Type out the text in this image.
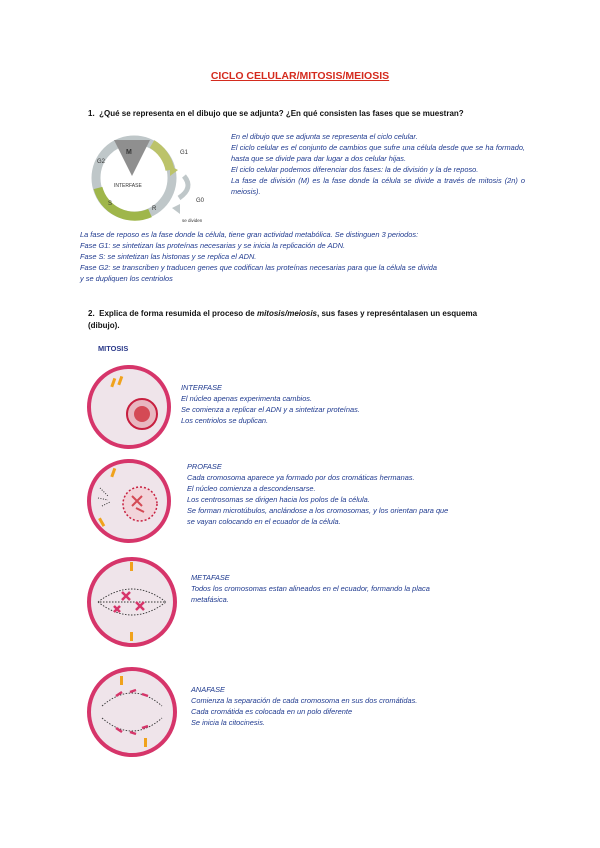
CICLO CELULAR/MITOSIS/MEIOSIS
1. ¿Qué se representa en el dibujo que se adjunta? ¿En qué consisten las fases que se muestran?
M	G1
G2
INTERFASE
S
R
G0
se dividen
En el dibujo que se adjunta se representa el ciclo celular.
El ciclo celular es el conjunto de cambios que sufre una célula desde que se ha formado, hasta que se divide para dar lugar a dos celular hijas.
El ciclo celular podemos diferenciar dos fases: la de división y la de reposo.
La fase de división (M) es la fase donde la célula se divide a través de mitosis (2n) o meiosis).
La fase de reposo es la fase donde la célula, tiene gran actividad metabólica. Se distinguen 3 periodos:
Fase G1: se sintetizan las proteínas necesarias y se inicia la replicación de ADN.
Fase S: se sintetizan las histonas y se replica el ADN.
Fase G2: se transcriben y traducen genes que codifican las proteínas necesarias para que la célula se divida
y se dupliquen los centriolos
2. Explica de forma resumida el proceso de mitosis/meiosis, sus fases y represéntalasen un esquema
(dibujo).
MITOSIS
INTERFASE
El núcleo apenas experimenta cambios.
Se comienza a replicar el ADN y a sintetizar proteínas.
Los centriolos se duplican.
PROFASE
Cada cromosoma aparece ya formado por dos cromáticas hermanas.
El núcleo comienza a descondensarse.
Los centrosomas se dirigen hacia los polos de la célula.
Se forman microtúbulos, anclándose a los cromosomas, y los orientan para que
se vayan colocando en el ecuador de la célula.
METAFASE
Todos los cromosomas estan alineados en el ecuador, formando la placa
metafásica.
ANAFASE
Comienza la separación de cada cromosoma en sus dos cromátidas.
Cada cromátida es colocada en un polo diferente
Se inicia la citocinesis.
